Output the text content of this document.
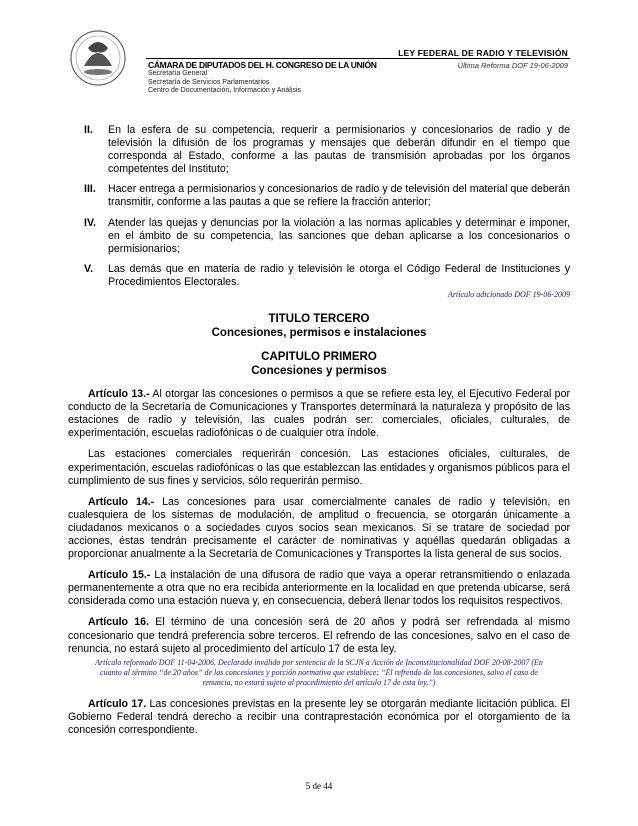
CÁMARA DE DIPUTADOS DEL H. CONGRESO DE LA UNIÓN
Secretaría General
Secretaría de Servicios Parlamentarios
Centro de Documentación, Información y Análisis
LEY FEDERAL DE RADIO Y TELEVISIÓN
Última Reforma DOF 19-06-2009
II.	En la esfera de su competencia, requerir a permisionarios y concesionarios de radio y de televisión la difusión de los programas y mensajes que deberán difundir en el tiempo que corresponda al Estado, conforme a las pautas de transmisión aprobadas por los órganos competentes del Instituto;
III.	Hacer entrega a permisionarios y concesionarios de radio y de televisión del material que deberán transmitir, conforme a las pautas a que se refiere la fracción anterior;
IV.	Atender las quejas y denuncias por la violación a las normas aplicables y determinar e imponer, en el ámbito de su competencia, las sanciones que deban aplicarse a los concesionarios o permisionarios;
V.	Las demás que en materia de radio y televisión le otorga el Código Federal de Instituciones y Procedimientos Electorales.
Artículo adicionado DOF 19-06-2009
TITULO TERCERO
Concesiones, permisos e instalaciones
CAPITULO PRIMERO
Concesiones y permisos
Artículo 13.- Al otorgar las concesiones o permisos a que se refiere esta ley, el Ejecutivo Federal por conducto de la Secretaría de Comunicaciones y Transportes determinará la naturaleza y propósito de las estaciones de radio y televisión, las cuales podrán ser: comerciales, oficiales, culturales, de experimentación, escuelas radiofónicas o de cualquier otra índole.
Las estaciones comerciales requerirán concesión. Las estaciones oficiales, culturales, de experimentación, escuelas radiofónicas o las que establezcan las entidades y organismos públicos para el cumplimiento de sus fines y servicios, sólo requerirán permiso.
Artículo 14.- Las concesiones para usar comercialmente canales de radio y televisión, en cualesquiera de los sistemas de modulación, de amplitud o frecuencia, se otorgarán únicamente a ciudadanos mexicanos o a sociedades cuyos socios sean mexicanos. Si se tratare de sociedad por acciones, éstas tendrán precisamente el carácter de nominativas y aquéllas quedarán obligadas a proporcionar anualmente a la Secretaría de Comunicaciones y Transportes la lista general de sus socios.
Artículo 15.- La instalación de una difusora de radio que vaya a operar retransmitiendo o enlazada permanentemente a otra que no era recibida anteriormente en la localidad en que pretenda ubicarse, será considerada como una estación nueva y, en consecuencia, deberá llenar todos los requisitos respectivos.
Artículo 16. El término de una concesión será de 20 años y podrá ser refrendada al mismo concesionario que tendrá preferencia sobre terceros. El refrendo de las concesiones, salvo en el caso de renuncia, no estará sujeto al procedimiento del artículo 17 de esta ley.
Artículo reformado DOF 11-04-2006. Declarado inválido por sentencia de la SCJN a Acción de Inconstitucionalidad DOF 20-08-2007 (En cuanto al término “de 20 años” de las concesiones y porción normativa que establece: “El refrendo de las concesiones, salvo el caso de renuncia, no estará sujeto al procedimiento del artículo 17 de esta ley.”)
Artículo 17. Las concesiones previstas en la presente ley se otorgarán mediante licitación pública. El Gobierno Federal tendrá derecho a recibir una contraprestación económica por el otorgamiento de la concesión correspondiente.
5 de 44
